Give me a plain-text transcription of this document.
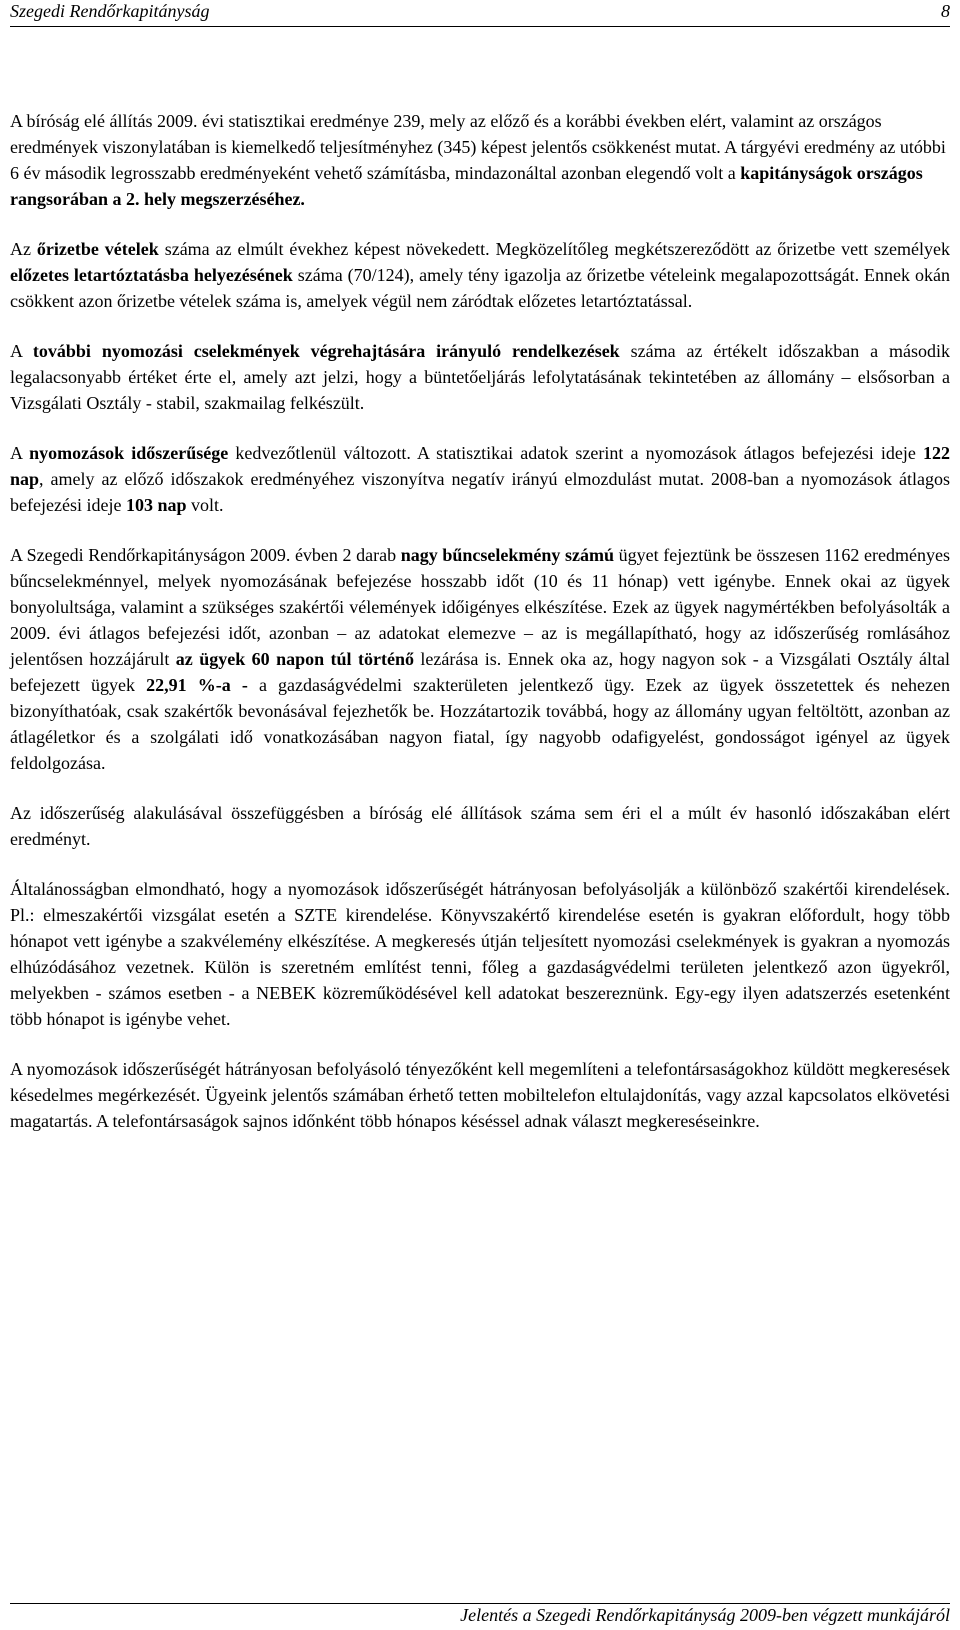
Szegedi Rendőrkapitányság	8

A bíróság elé állítás 2009. évi statisztikai eredménye 239, mely az előző és a korábbi években elért, valamint az országos eredmények viszonylatában is kiemelkedő teljesítményhez (345) képest jelentős csökkenést mutat. A tárgyévi eredmény az utóbbi 6 év második legrosszabb eredményeként vehető számításba, mindazonáltal azonban elegendő volt a kapitányságok országos rangsorában a 2. hely megszerzéséhez.

Az őrizetbe vételek száma az elmúlt évekhez képest növekedett. Megközelítőleg megkétszereződött az őrizetbe vett személyek előzetes letartóztatásba helyezésének száma (70/124), amely tény igazolja az őrizetbe vételeink megalapozottságát. Ennek okán csökkent azon őrizetbe vételek száma is, amelyek végül nem záródtak előzetes letartóztatással.

A további nyomozási cselekmények végrehajtására irányuló rendelkezések száma az értékelt időszakban a második legalacsonyabb értéket érte el, amely azt jelzi, hogy a büntetőeljárás lefolytatásának tekintetében az állomány – elsősorban a Vizsgálati Osztály - stabil, szakmailag felkészült.

A nyomozások időszerűsége kedvezőtlenül változott. A statisztikai adatok szerint a nyomozások átlagos befejezési ideje 122 nap, amely az előző időszakok eredményéhez viszonyítva negatív irányú elmozdulást mutat. 2008-ban a nyomozások átlagos befejezési ideje 103 nap volt.

A Szegedi Rendőrkapitányságon 2009. évben 2 darab nagy bűncselekmény számú ügyet fejeztünk be összesen 1162 eredményes bűncselekménnyel, melyek nyomozásának befejezése hosszabb időt (10 és 11 hónap) vett igénybe. Ennek okai az ügyek bonyolultsága, valamint a szükséges szakértői vélemények időigényes elkészítése. Ezek az ügyek nagymértékben befolyásolták a 2009. évi átlagos befejezési időt, azonban – az adatokat elemezve – az is megállapítható, hogy az időszerűség romlásához jelentősen hozzájárult az ügyek 60 napon túl történő lezárása is. Ennek oka az, hogy nagyon sok - a Vizsgálati Osztály által befejezett ügyek 22,91 %-a - a gazdaságvédelmi szakterületen jelentkező ügy. Ezek az ügyek összetettek és nehezen bizonyíthatóak, csak szakértők bevonásával fejezhetők be. Hozzátartozik továbbá, hogy az állomány ugyan feltöltött, azonban az átlagéletkor és a szolgálati idő vonatkozásában nagyon fiatal, így nagyobb odafigyelést, gondosságot igényel az ügyek feldolgozása.

Az időszerűség alakulásával összefüggésben a bíróság elé állítások száma sem éri el a múlt év hasonló időszakában elért eredményt.

Általánosságban elmondható, hogy a nyomozások időszerűségét hátrányosan befolyásolják a különböző szakértői kirendelések. Pl.: elmeszakértői vizsgálat esetén a SZTE kirendelése. Könyvszakértő kirendelése esetén is gyakran előfordult, hogy több hónapot vett igénybe a szakvélemény elkészítése. A megkeresés útján teljesített nyomozási cselekmények is gyakran a nyomozás elhúzódásához vezetnek. Külön is szeretném említést tenni, főleg a gazdaságvédelmi területen jelentkező azon ügyekről, melyekben - számos esetben - a NEBEK közreműködésével kell adatokat beszereznünk. Egy-egy ilyen adatszerzés esetenként több hónapot is igénybe vehet.

A nyomozások időszerűségét hátrányosan befolyásoló tényezőként kell megemlíteni a telefontársaságokhoz küldött megkeresések késedelmes megérkezését. Ügyeink jelentős számában érhető tetten mobiltelefon eltulajdonítás, vagy azzal kapcsolatos elkövetési magatartás. A telefontársaságok sajnos időnként több hónapos késéssel adnak választ megkereséseinkre.

Jelentés a Szegedi Rendőrkapitányság 2009-ben végzett munkájáról
